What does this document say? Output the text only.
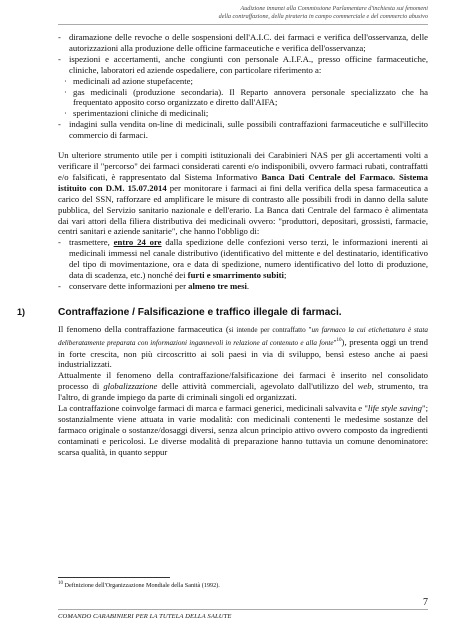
Audizione innanzi alla Commissione Parlamentare d'inchiesta sui fenomeni
della contraffazione, della pirateria in campo commerciale e del commercio abusivo

- diramazione delle revoche o delle sospensioni dell'A.I.C. dei farmaci e verifica dell'osservanza, delle autorizzazioni alla produzione delle officine farmaceutiche e verifica dell'osservanza;

- ispezioni e accertamenti, anche congiunti con personale A.I.F.A., presso officine farmaceutiche, cliniche, laboratori ed aziende ospedaliere, con particolare riferimento a:

· medicinali ad azione stupefacente;

· gas medicinali (produzione secondaria). Il Reparto annovera personale specializzato che ha frequentato apposito corso organizzato e diretto dall'AIFA;

· sperimentazioni cliniche di medicinali;

- indagini sulla vendita on-line di medicinali, sulle possibili contraffazioni farmaceutiche e sull'illecito commercio di farmaci.

Un ulteriore strumento utile per i compiti istituzionali dei Carabinieri NAS per gli accertamenti volti a verificare il "percorso" dei farmaci considerati carenti e/o indisponibili, ovvero farmaci rubati, contraffatti e/o falsificati, è rappresentato dal Sistema Informativo Banca Dati Centrale del Farmaco. Sistema istituito con D.M. 15.07.2014 per monitorare i farmaci ai fini della verifica della spesa farmaceutica a carico del SSN, rafforzare ed amplificare le misure di contrasto alle possibili frodi in danno della salute pubblica, del Servizio sanitario nazionale e dell'erario. La Banca dati Centrale del farmaco è alimentata dai vari attori della filiera distributiva dei medicinali ovvero: "produttori, depositari, grossisti, farmacie, centri sanitari e aziende sanitarie", che hanno l'obbligo di:

- trasmettere, entro 24 ore dalla spedizione delle confezioni verso terzi, le informazioni inerenti ai medicinali immessi nel canale distributivo (identificativo del mittente e del destinatario, identificativo del tipo di movimentazione, ora e data di spedizione, numero identificativo del lotto di produzione, data di scadenza, etc.) nonché dei furti e smarrimento subiti;

- conservare dette informazioni per almeno tre mesi.

1)	Contraffazione / Falsificazione e traffico illegale di farmaci.

Il fenomeno della contraffazione farmaceutica (si intende per contraffatto "un farmaco la cui etichettatura è stata deliberatamente preparata con informazioni ingannevoli in relazione al contenuto e alla fonte"$^{10}$), presenta oggi un trend in forte crescita, non più circoscritto ai soli paesi in via di sviluppo, bensì esteso anche ai paesi industrializzati.

Attualmente il fenomeno della contraffazione/falsificazione dei farmaci è inserito nel consolidato processo di globalizzazione delle attività commerciali, agevolato dall'utilizzo del web, strumento, tra l'altro, di grande impiego da parte di criminali singoli ed organizzati.

La contraffazione coinvolge farmaci di marca e farmaci generici, medicinali salvavita e "life style saving"; sostanzialmente viene attuata in varie modalità: con medicinali contenenti le medesime sostanze del farmaco originale o sostanze/dosaggi diversi, senza alcun principio attivo ovvero composto da ingredienti contaminati e pericolosi. Le diverse modalità di preparazione hanno tuttavia un comune denominatore: scarsa qualità, in quanto seppur

$^{10}$ Definizione dell'Organizzazione Mondiale della Sanità (1992).
7
COMANDO CARABINIERI PER LA TUTELA DELLA SALUTE
